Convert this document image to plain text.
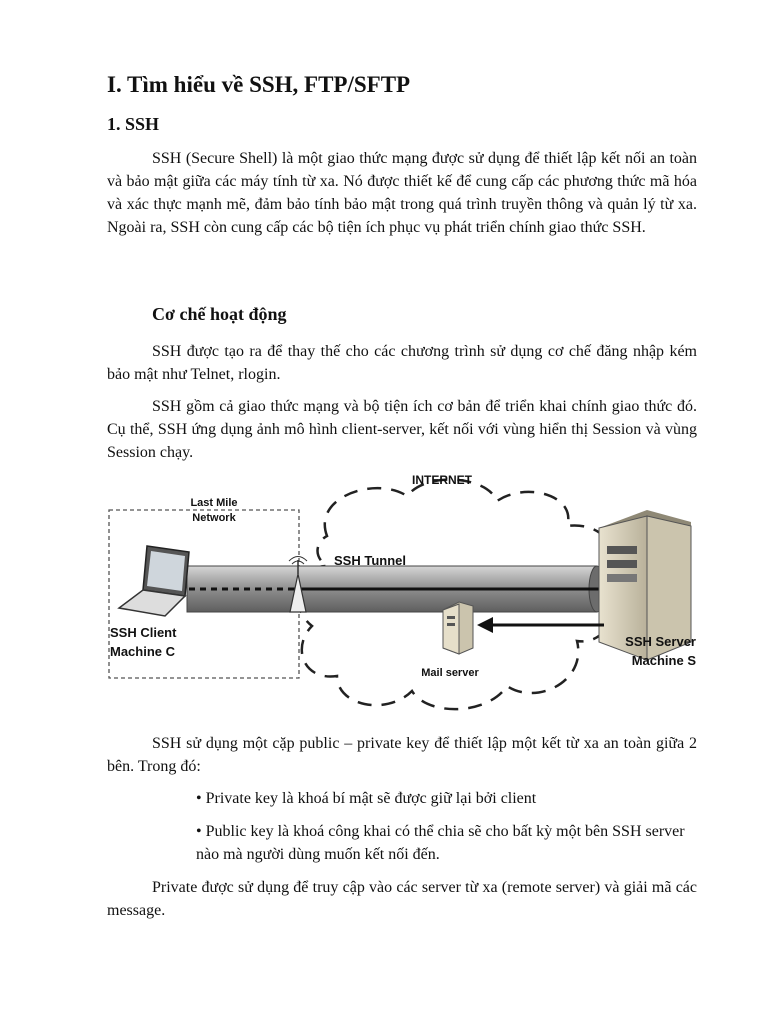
I. Tìm hiểu về SSH, FTP/SFTP
1. SSH

SSH (Secure Shell) là một giao thức mạng được sử dụng để thiết lập kết nối an toàn và bảo mật giữa các máy tính từ xa. Nó được thiết kế để cung cấp các phương thức mã hóa và xác thực mạnh mẽ, đảm bảo tính bảo mật trong quá trình truyền thông và quản lý từ xa. Ngoài ra, SSH còn cung cấp các bộ tiện ích phục vụ phát triển chính giao thức SSH.

Cơ chế hoạt động

SSH được tạo ra để thay thế cho các chương trình sử dụng cơ chế đăng nhập kém bảo mật như Telnet, rlogin.

SSH gồm cả giao thức mạng và bộ tiện ích cơ bản để triển khai chính giao thức đó. Cụ thể, SSH ứng dụng ảnh mô hình client-server, kết nối với vùng hiển thị Session và vùng Session chạy.

INTERNET
Last Mile
Network
SSH Tunnel
SSH Client
Machine C
Mail server
SSH Server
Machine S

SSH sử dụng một cặp public – private key để thiết lập một kết từ xa an toàn giữa 2 bên. Trong đó:

• Private key là khoá bí mật sẽ được giữ lại bởi client

• Public key là khoá công khai có thể chia sẽ cho bất kỳ một bên SSH server nào mà người dùng muốn kết nối đến.

Private được sử dụng để truy cập vào các server từ xa (remote server) và giải mã các message.
